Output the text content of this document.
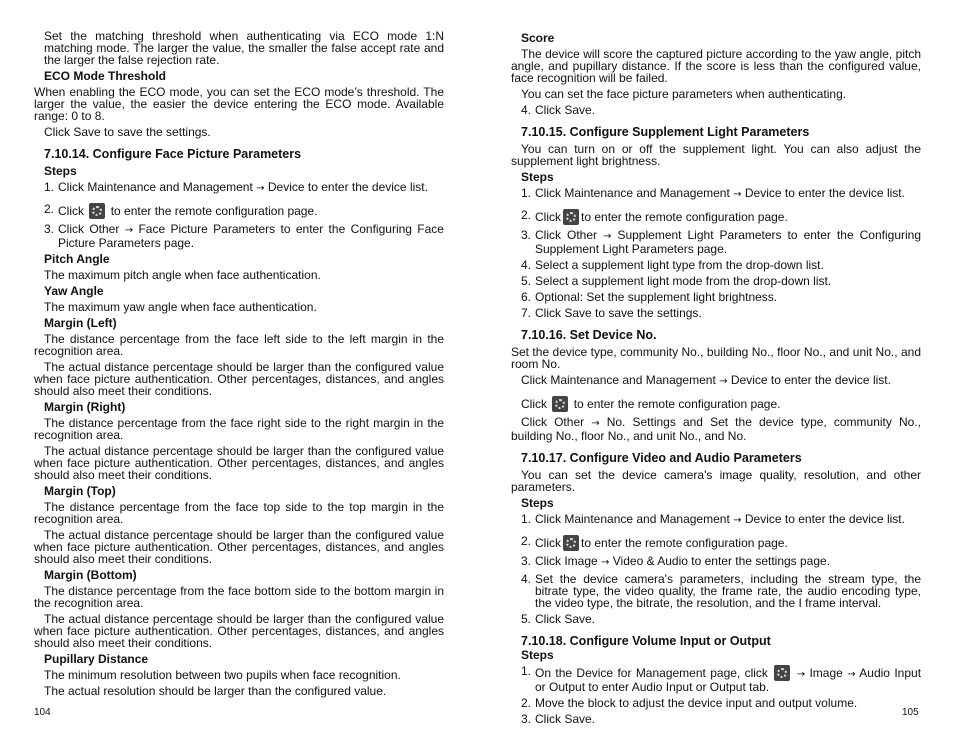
Set the matching threshold when authenticating via ECO mode 1:N matching mode. The larger the value, the smaller the false accept rate and the larger the false rejection rate.

ECO Mode Threshold

When enabling the ECO mode, you can set the ECO mode’s threshold. The larger the value, the easier the device entering the ECO mode. Available range: 0 to 8.

Click Save to save the settings.

7.10.14. Configure Face Picture Parameters
Steps
1. Click Maintenance and Management → Device to enter the device list.
2. Click to enter the remote configuration page.
3. Click Other → Face Picture Parameters to enter the Configuring Face Picture Parameters page.
Pitch Angle

The maximum pitch angle when face authentication.

Yaw Angle

The maximum yaw angle when face authentication.

Margin (Left)

The distance percentage from the face left side to the left margin in the recognition area.

The actual distance percentage should be larger than the configured value when face picture authentication. Other percentages, distances, and angles should also meet their conditions.

Margin (Right)

The distance percentage from the face right side to the right margin in the recognition area.

The actual distance percentage should be larger than the configured value when face picture authentication. Other percentages, distances, and angles should also meet their conditions.

Margin (Top)

The distance percentage from the face top side to the top margin in the recognition area.

The actual distance percentage should be larger than the configured value when face picture authentication. Other percentages, distances, and angles should also meet their conditions.

Margin (Bottom)

The distance percentage from the face bottom side to the bottom margin in the recognition area.

The actual distance percentage should be larger than the configured value when face picture authentication. Other percentages, distances, and angles should also meet their conditions.

Pupillary Distance

The minimum resolution between two pupils when face recognition.

The actual resolution should be larger than the configured value.

Score

The device will score the captured picture according to the yaw angle, pitch angle, and pupillary distance. If the score is less than the configured value, face recognition will be failed.

You can set the face picture parameters when authenticating.

4. Click Save.
7.10.15. Configure Supplement Light Parameters

You can turn on or off the supplement light. You can also adjust the supplement light brightness.

Steps
1. Click Maintenance and Management → Device to enter the device list.
2. Click to enter the remote configuration page.
3. Click Other → Supplement Light Parameters to enter the Configuring Supplement Light Parameters page.
4. Select a supplement light type from the drop-down list.
5. Select a supplement light mode from the drop-down list.
6. Optional: Set the supplement light brightness.
7. Click Save to save the settings.
7.10.16. Set Device No.

Set the device type, community No., building No., floor No., and unit No., and room No.

Click Maintenance and Management → Device to enter the device list.

Click to enter the remote configuration page.

Click Other → No. Settings and Set the device type, community No., building No., floor No., and unit No., and No.

7.10.17. Configure Video and Audio Parameters

You can set the device camera's image quality, resolution, and other parameters.

Steps
1. Click Maintenance and Management → Device to enter the device list.
2. Click to enter the remote configuration page.
3. Click Image → Video & Audio to enter the settings page.
4. Set the device camera's parameters, including the stream type, the bitrate type, the video quality, the frame rate, the audio encoding type, the video type, the bitrate, the resolution, and the I frame interval.
5. Click Save.
7.10.18. Configure Volume Input or Output
Steps
1. On the Device for Management page, click	→ Image → Audio Input or Output to enter Audio Input or Output tab.
2. Move the block to adjust the device input and output volume.
3. Click Save.
104	105
